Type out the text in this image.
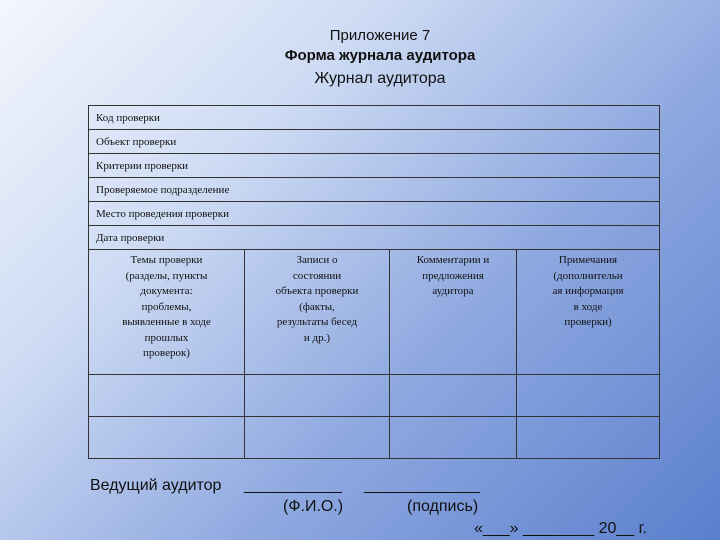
Приложение 7
Форма журнала аудитора
Журнал аудитора
Код проверки
Объект проверки
Критерии проверки
Проверяемое подразделение
Место проведения проверки
Дата проверки
Темы проверки
(разделы, пункты
документа:
проблемы,
выявленные в ходе
прошлых
проверок)
Записи о
состоянии
объекта проверки
(факты,
результаты бесед
и др.)
Комментарии и
предложения
аудитора
Примечания
(дополнительн
ая информация
в ходе
проверки)
Ведущий аудитор ___________ _____________
(Ф.И.О.)	(подпись)
«___» ________ 20__ г.
